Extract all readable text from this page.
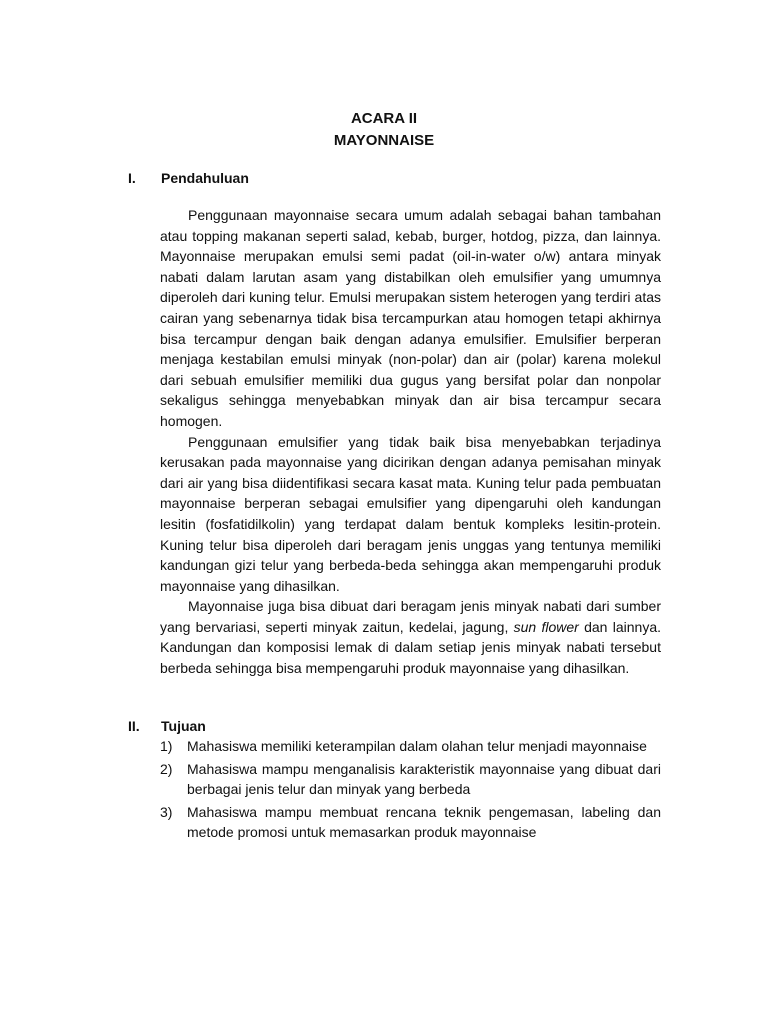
ACARA II
MAYONNAISE
I. Pendahuluan

Penggunaan mayonnaise secara umum adalah sebagai bahan tambahan atau topping makanan seperti salad, kebab, burger, hotdog, pizza, dan lainnya. Mayonnaise merupakan emulsi semi padat (oil-in-water o/w) antara minyak nabati dalam larutan asam yang distabilkan oleh emulsifier yang umumnya diperoleh dari kuning telur. Emulsi merupakan sistem heterogen yang terdiri atas cairan yang sebenarnya tidak bisa tercampurkan atau homogen tetapi akhirnya bisa tercampur dengan baik dengan adanya emulsifier. Emulsifier berperan menjaga kestabilan emulsi minyak (non-polar) dan air (polar) karena molekul dari sebuah emulsifier memiliki dua gugus yang bersifat polar dan nonpolar sekaligus sehingga menyebabkan minyak dan air bisa tercampur secara homogen.

Penggunaan emulsifier yang tidak baik bisa menyebabkan terjadinya kerusakan pada mayonnaise yang dicirikan dengan adanya pemisahan minyak dari air yang bisa diidentifikasi secara kasat mata. Kuning telur pada pembuatan mayonnaise berperan sebagai emulsifier yang dipengaruhi oleh kandungan lesitin (fosfatidilkolin) yang terdapat dalam bentuk kompleks lesitin-protein. Kuning telur bisa diperoleh dari beragam jenis unggas yang tentunya memiliki kandungan gizi telur yang berbeda-beda sehingga akan mempengaruhi produk mayonnaise yang dihasilkan.

Mayonnaise juga bisa dibuat dari beragam jenis minyak nabati dari sumber yang bervariasi, seperti minyak zaitun, kedelai, jagung, sun flower dan lainnya. Kandungan dan komposisi lemak di dalam setiap jenis minyak nabati tersebut berbeda sehingga bisa mempengaruhi produk mayonnaise yang dihasilkan.

II. Tujuan
1) Mahasiswa memiliki keterampilan dalam olahan telur menjadi mayonnaise
2) Mahasiswa mampu menganalisis karakteristik mayonnaise yang dibuat dari berbagai jenis telur dan minyak yang berbeda
3) Mahasiswa mampu membuat rencana teknik pengemasan, labeling dan metode promosi untuk memasarkan produk mayonnaise
